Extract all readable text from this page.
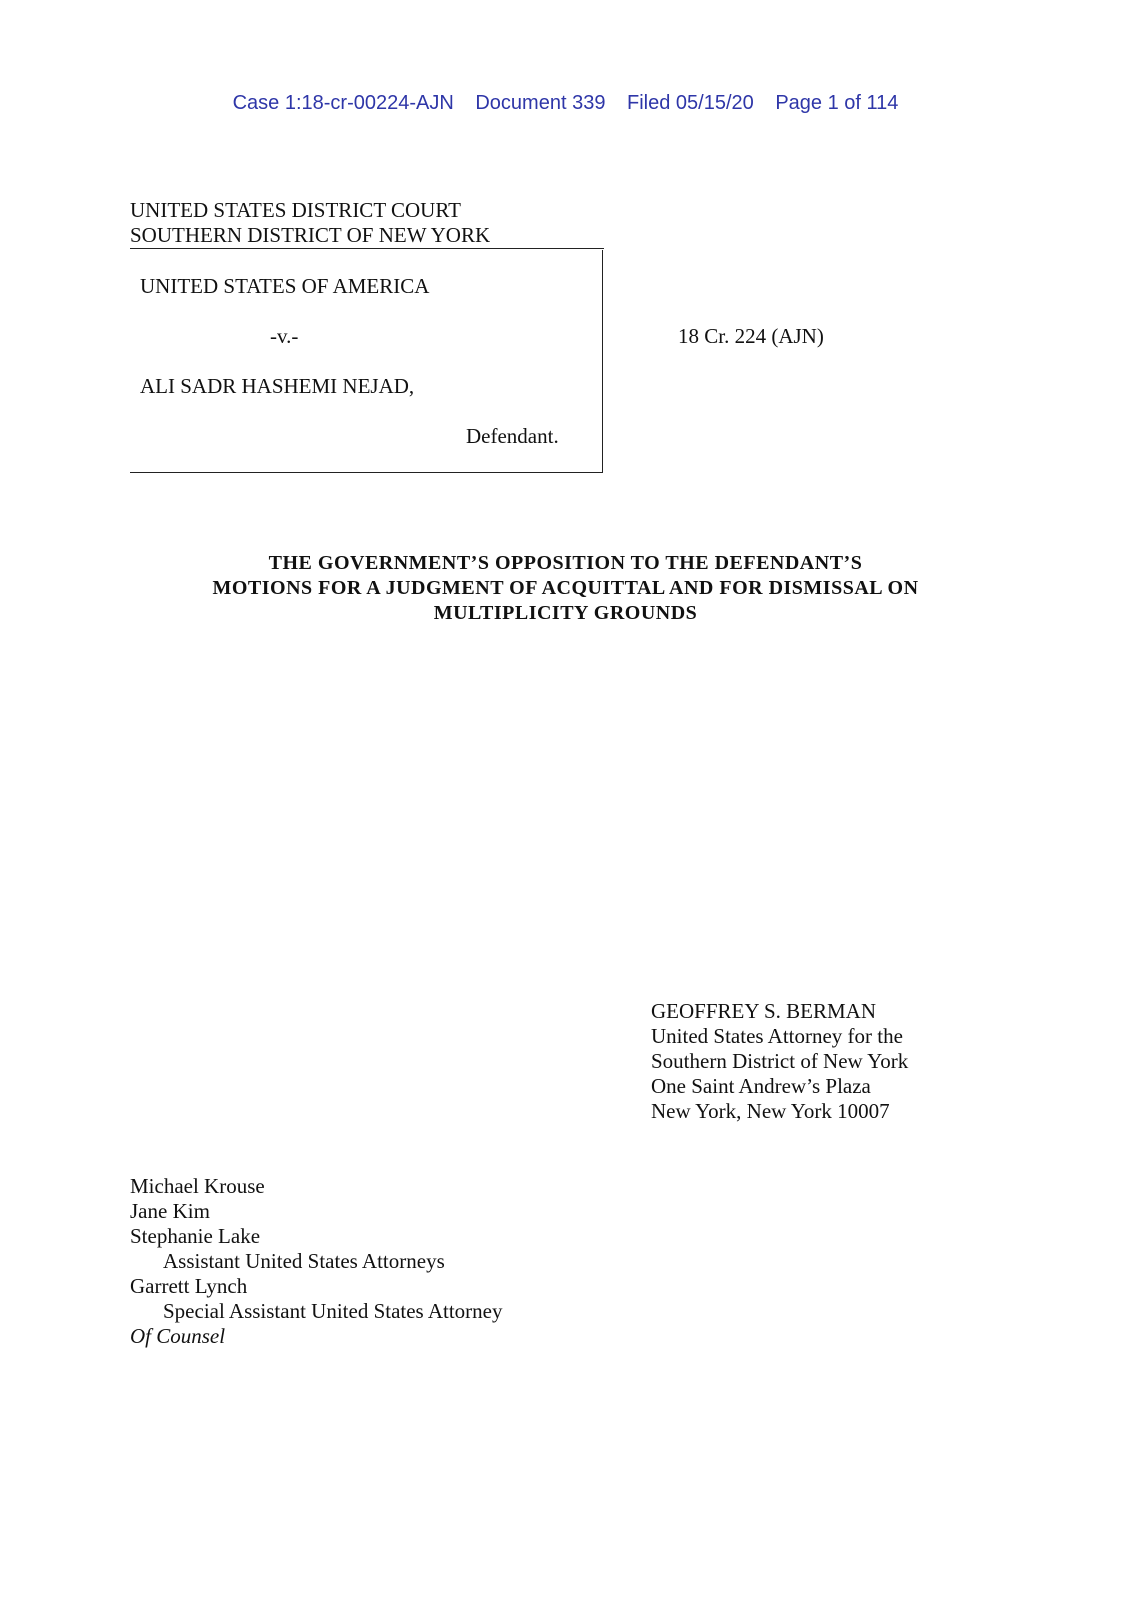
Case 1:18-cr-00224-AJN Document 339 Filed 05/15/20 Page 1 of 114
UNITED STATES DISTRICT COURT
SOUTHERN DISTRICT OF NEW YORK
UNITED STATES OF AMERICA
-v.-
ALI SADR HASHEMI NEJAD,
Defendant.
18 Cr. 224 (AJN)
THE GOVERNMENT’S OPPOSITION TO THE DEFENDANT’S
MOTIONS FOR A JUDGMENT OF ACQUITTAL AND FOR DISMISSAL ON
MULTIPLICITY GROUNDS
GEOFFREY S. BERMAN
United States Attorney for the
Southern District of New York
One Saint Andrew’s Plaza
New York, New York 10007
Michael Krouse
Jane Kim
Stephanie Lake
Assistant United States Attorneys
Garrett Lynch
Special Assistant United States Attorney
Of Counsel
